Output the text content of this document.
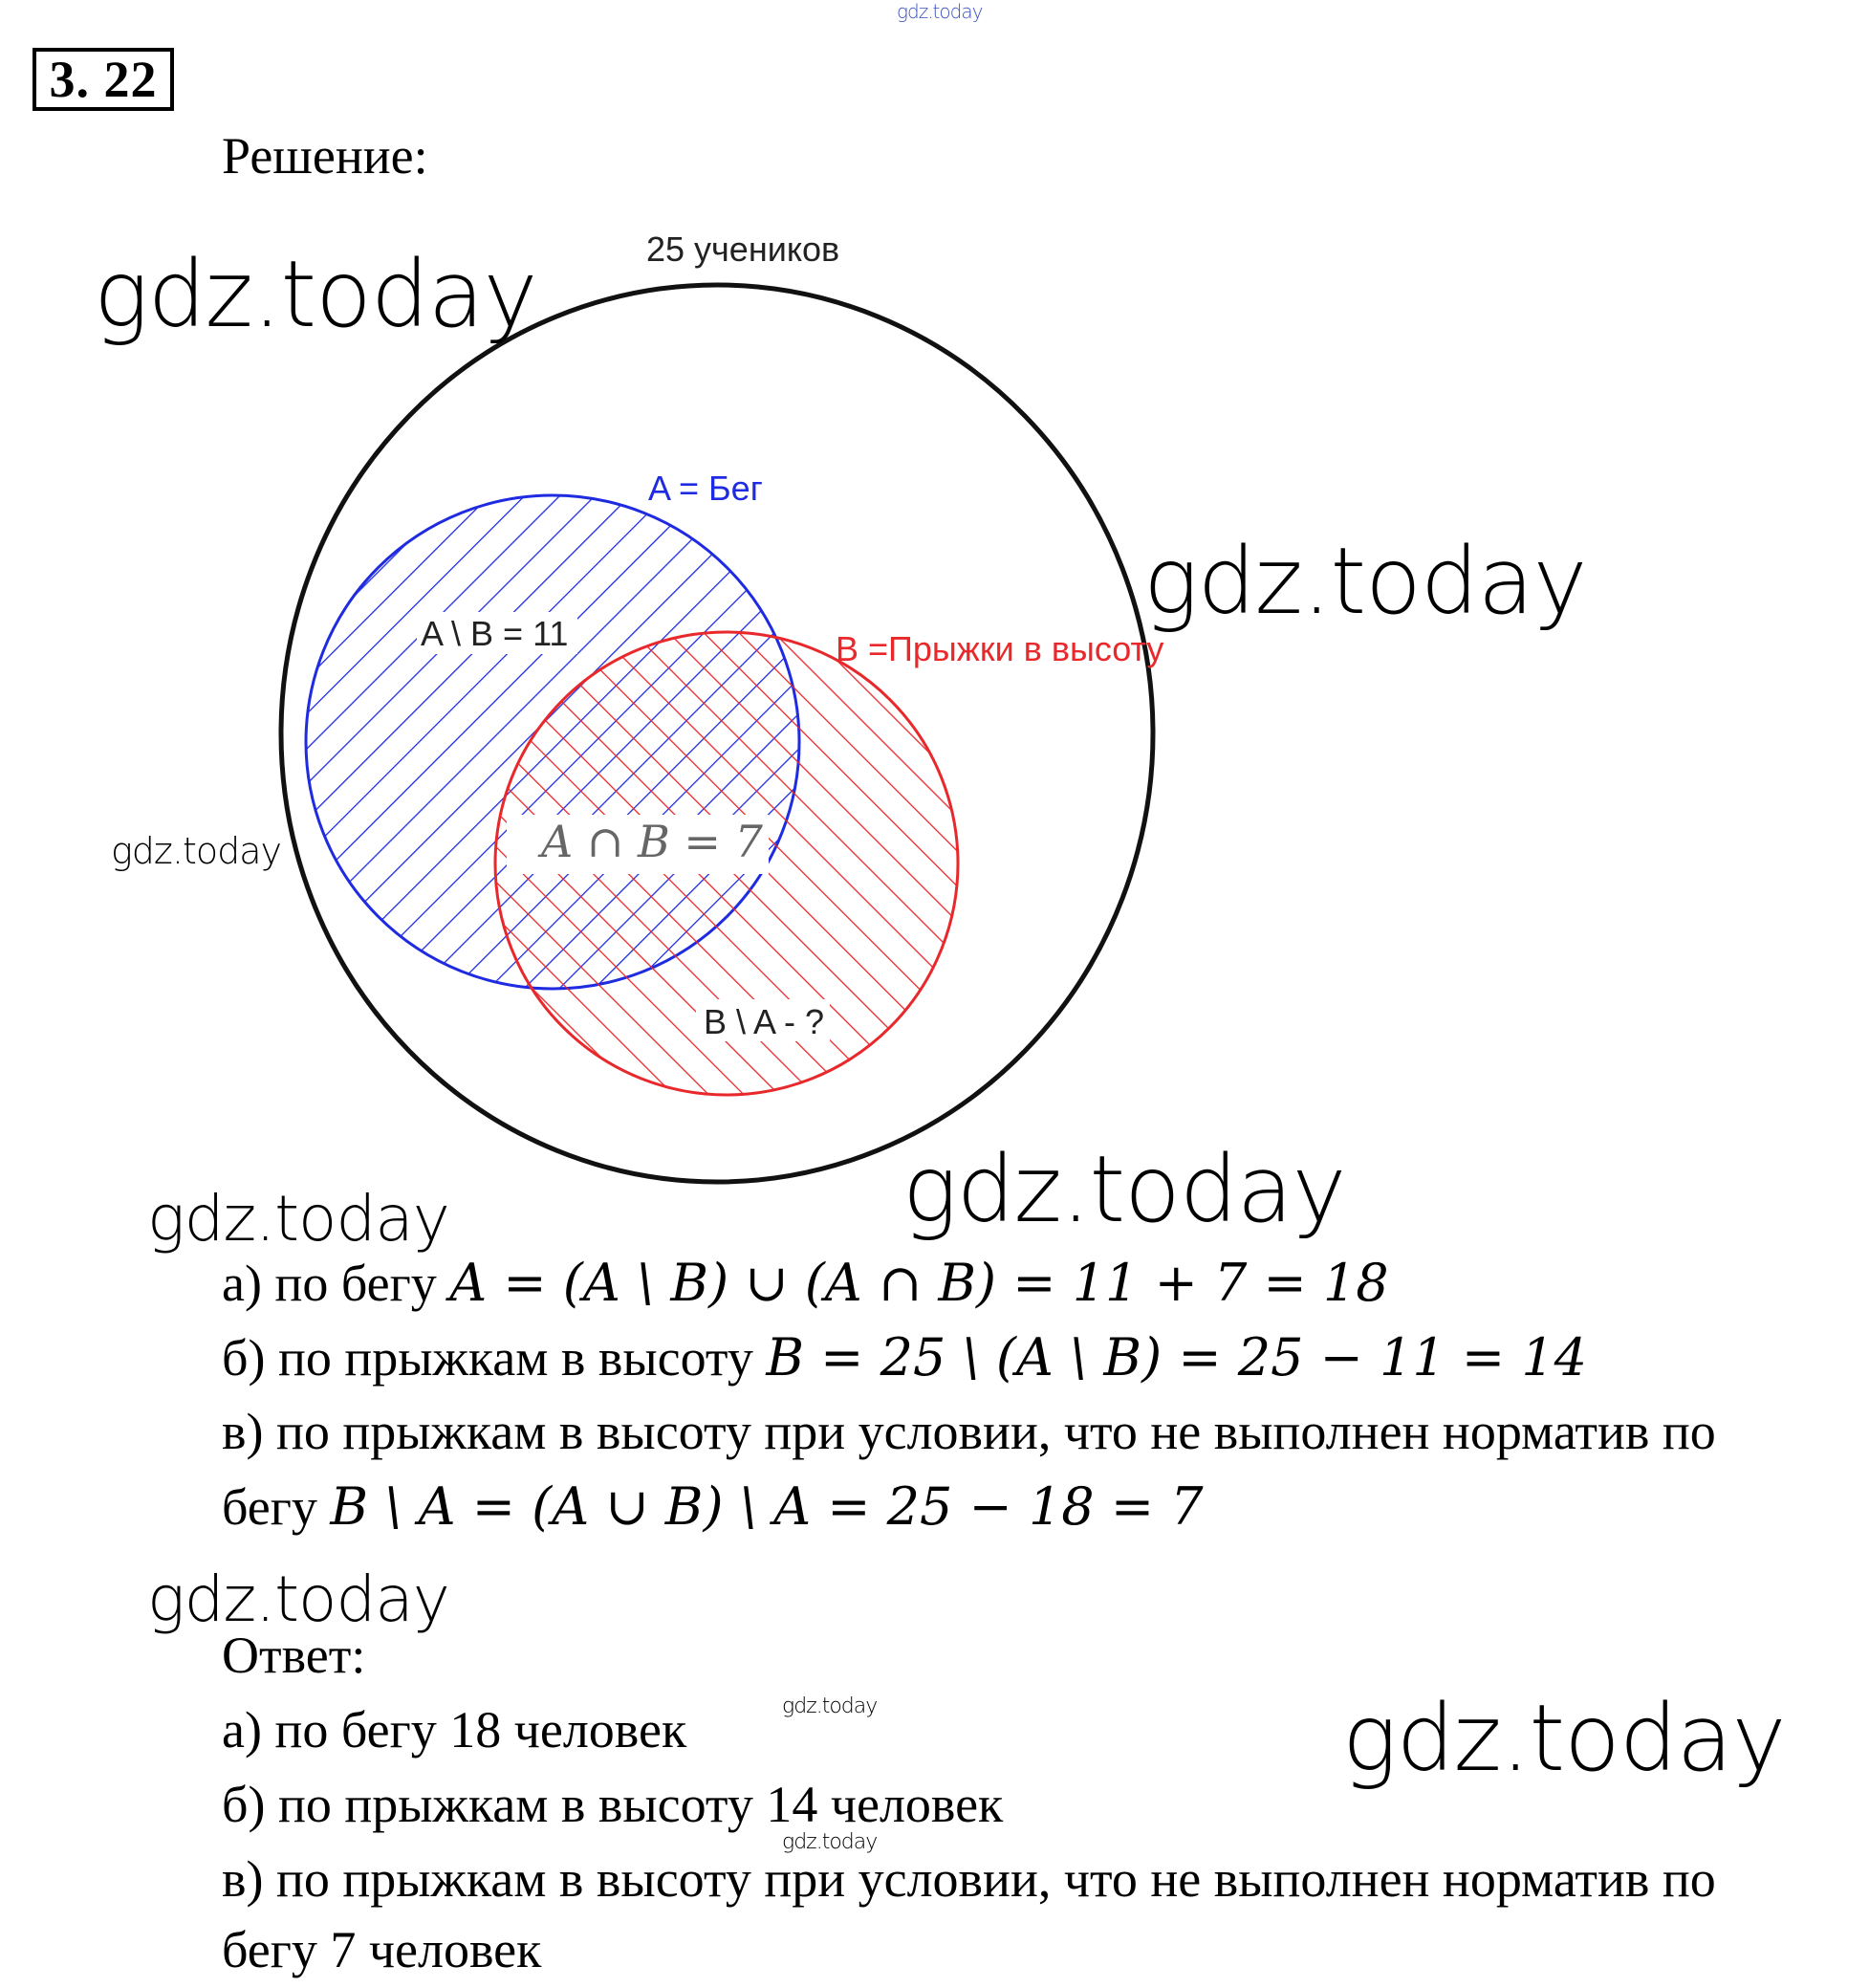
gdz.today
3. 22
Решение:
25 учеников
A = Бег
B =Прыжки в высоту
A \ B = 11
A ∩ B = 7
B \ A - ?
gdz.today
gdz.today
gdz.today
gdz.today
gdz.today
gdz.today
gdz.today	gdz.today
gdz.today
а) по бегу A = (A \ B) ∪ (A ∩ B) = 11 + 7 = 18
б) по прыжкам в высоту B = 25 \ (A \ B) = 25 − 11 = 14
в) по прыжкам в высоту при условии, что не выполнен норматив по
бегу B \ A = (A ∪ B) \ A = 25 − 18 = 7
Ответ:
а) по бегу 18 человек
б) по прыжкам в высоту 14 человек
в) по прыжкам в высоту при условии, что не выполнен норматив по
бегу 7 человек
